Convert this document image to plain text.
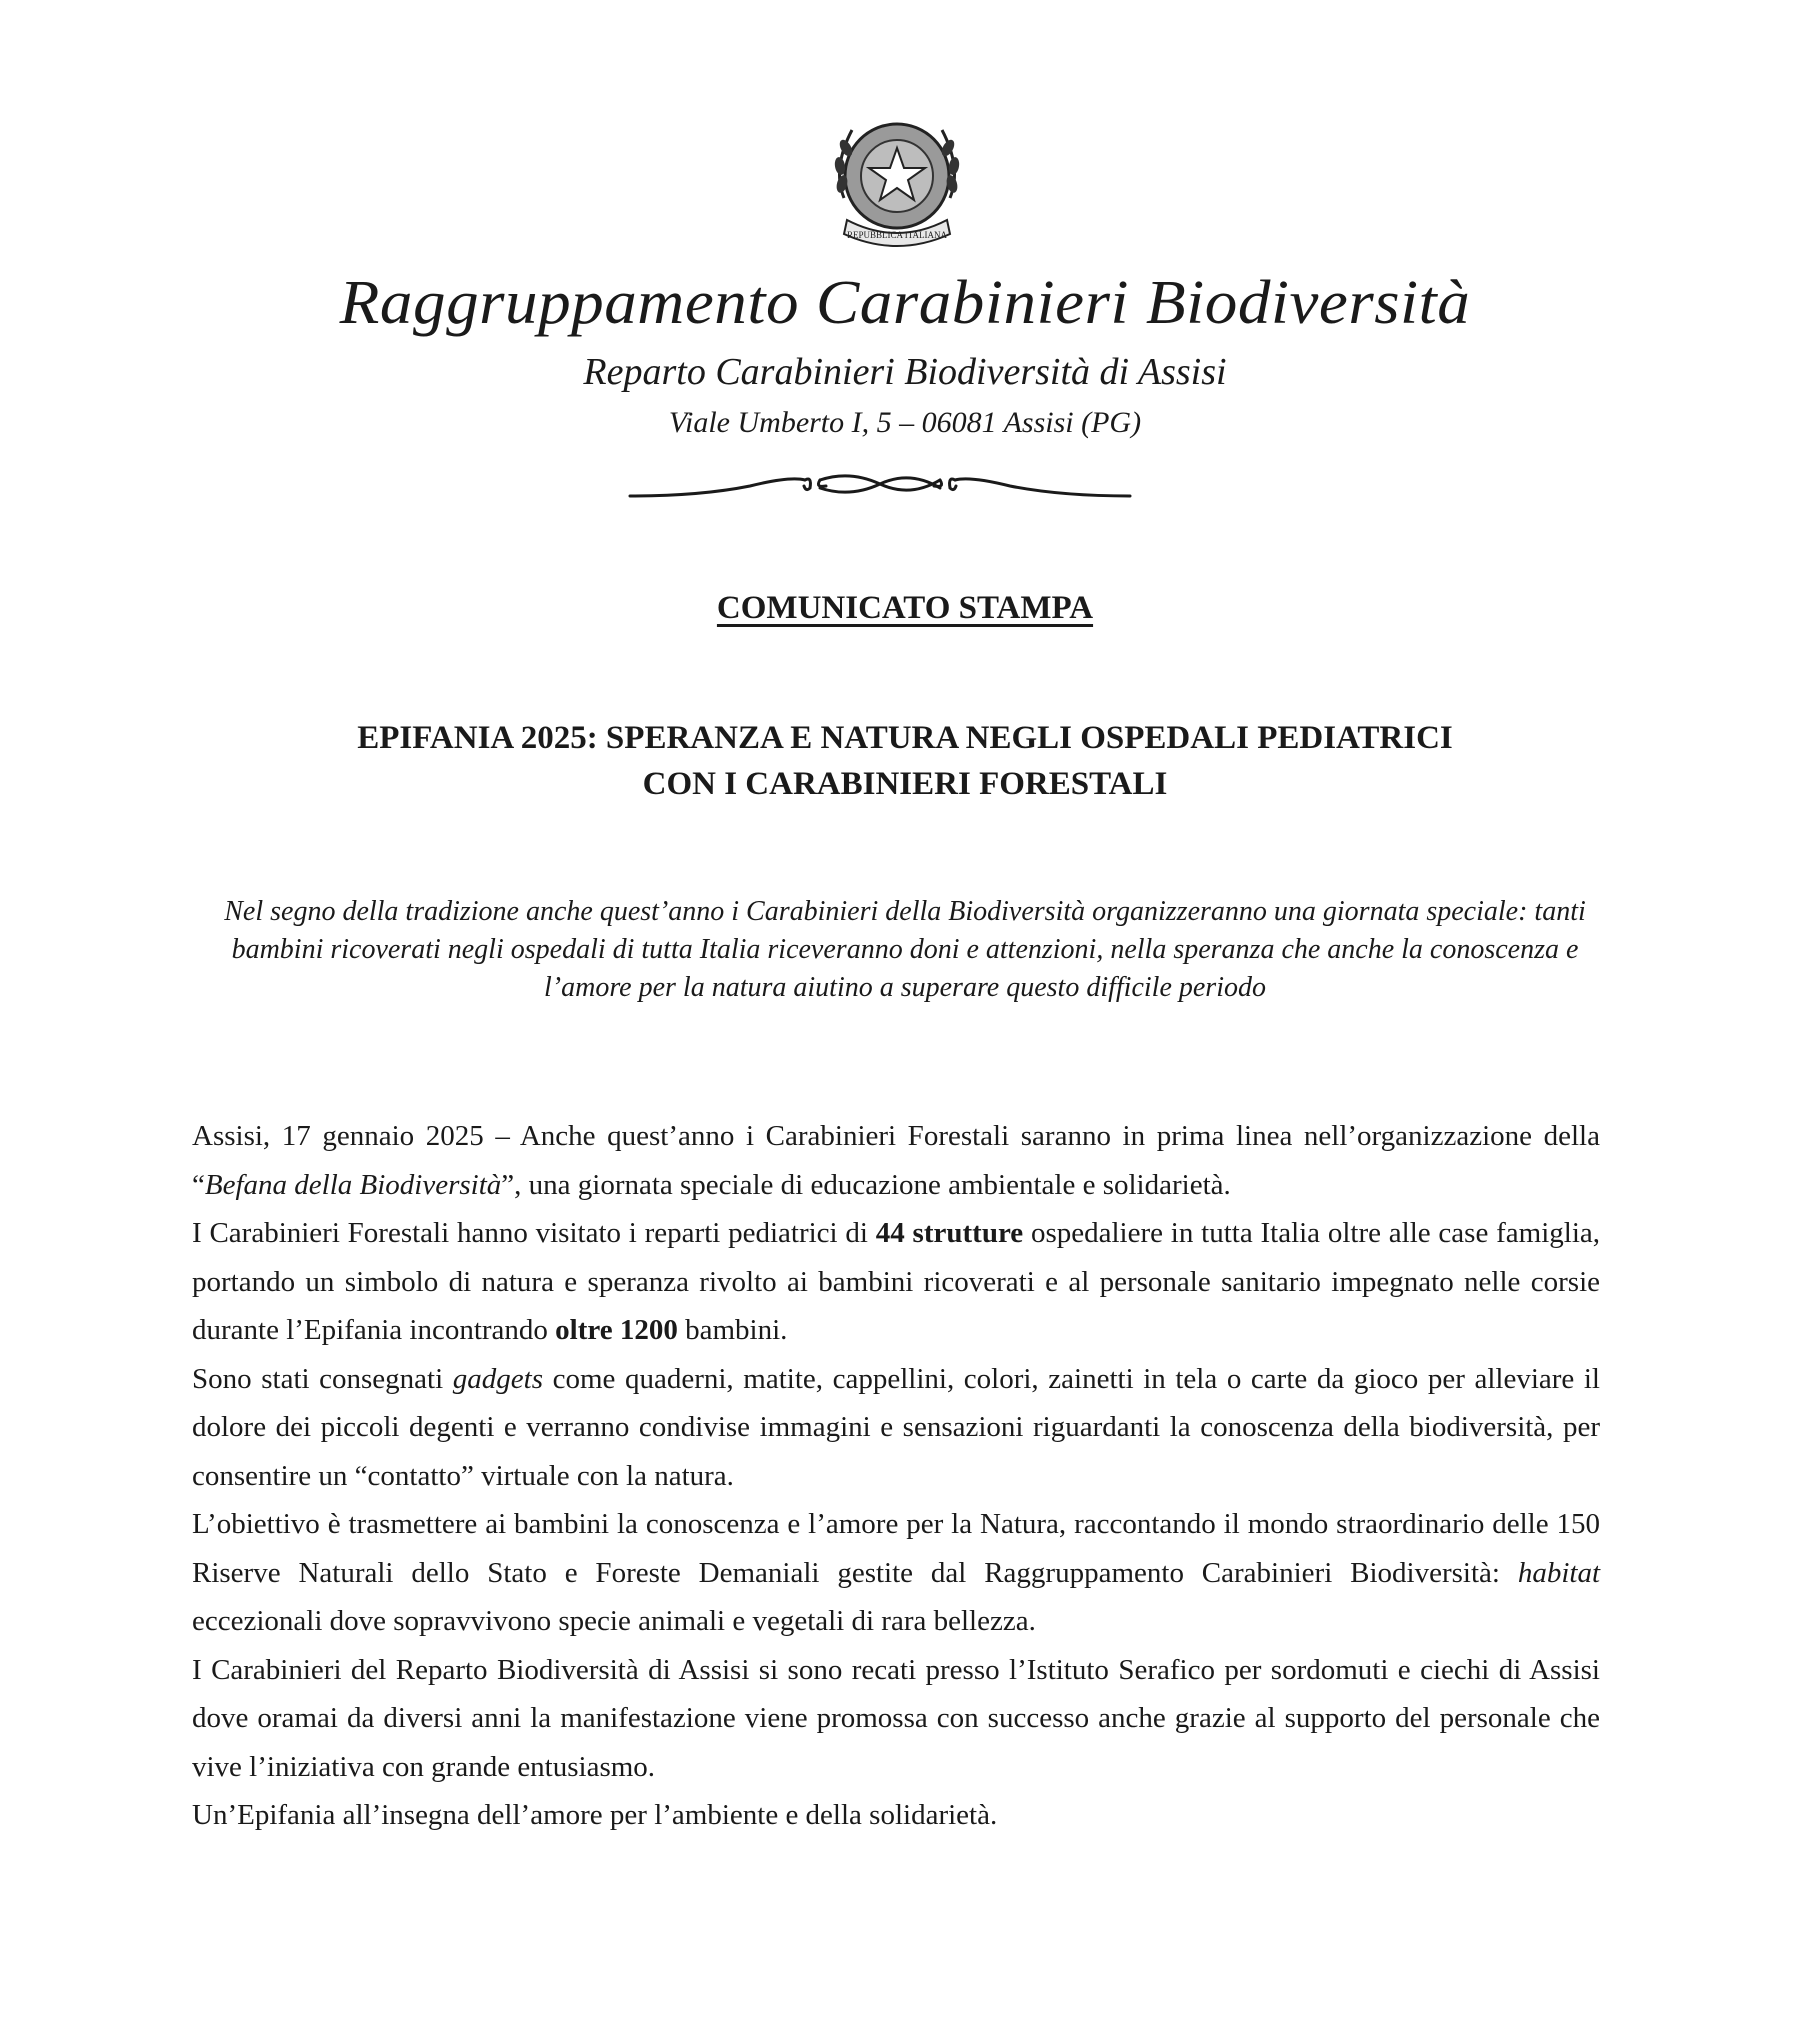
REPUBBLICA ITALIANA
Raggruppamento Carabinieri Biodiversità
Reparto Carabinieri Biodiversità di Assisi
Viale Umberto I, 5 – 06081 Assisi (PG)
COMUNICATO STAMPA
EPIFANIA 2025: SPERANZA E NATURA NEGLI OSPEDALI PEDIATRICI
CON I CARABINIERI FORESTALI
Nel segno della tradizione anche quest’anno i Carabinieri della Biodiversità organizzeranno una giornata speciale: tanti bambini ricoverati negli ospedali di tutta Italia riceveranno doni e attenzioni, nella speranza che anche la conoscenza e l’amore per la natura aiutino a superare questo difficile periodo

Assisi, 17 gennaio 2025 – Anche quest’anno i Carabinieri Forestali saranno in prima linea nell’organizzazione della “Befana della Biodiversità”, una giornata speciale di educazione ambientale e solidarietà.

I Carabinieri Forestali hanno visitato i reparti pediatrici di 44 strutture ospedaliere in tutta Italia oltre alle case famiglia, portando un simbolo di natura e speranza rivolto ai bambini ricoverati e al personale sanitario impegnato nelle corsie durante l’Epifania incontrando oltre 1200 bambini.

Sono stati consegnati gadgets come quaderni, matite, cappellini, colori, zainetti in tela o carte da gioco per alleviare il dolore dei piccoli degenti e verranno condivise immagini e sensazioni riguardanti la conoscenza della biodiversità, per consentire un “contatto” virtuale con la natura.

L’obiettivo è trasmettere ai bambini la conoscenza e l’amore per la Natura, raccontando il mondo straordinario delle 150 Riserve Naturali dello Stato e Foreste Demaniali gestite dal Raggruppamento Carabinieri Biodiversità: habitat eccezionali dove sopravvivono specie animali e vegetali di rara bellezza.

I Carabinieri del Reparto Biodiversità di Assisi si sono recati presso l’Istituto Serafico per sordomuti e ciechi di Assisi dove oramai da diversi anni la manifestazione viene promossa con successo anche grazie al supporto del personale che vive l’iniziativa con grande entusiasmo.

Un’Epifania all’insegna dell’amore per l’ambiente e della solidarietà.
